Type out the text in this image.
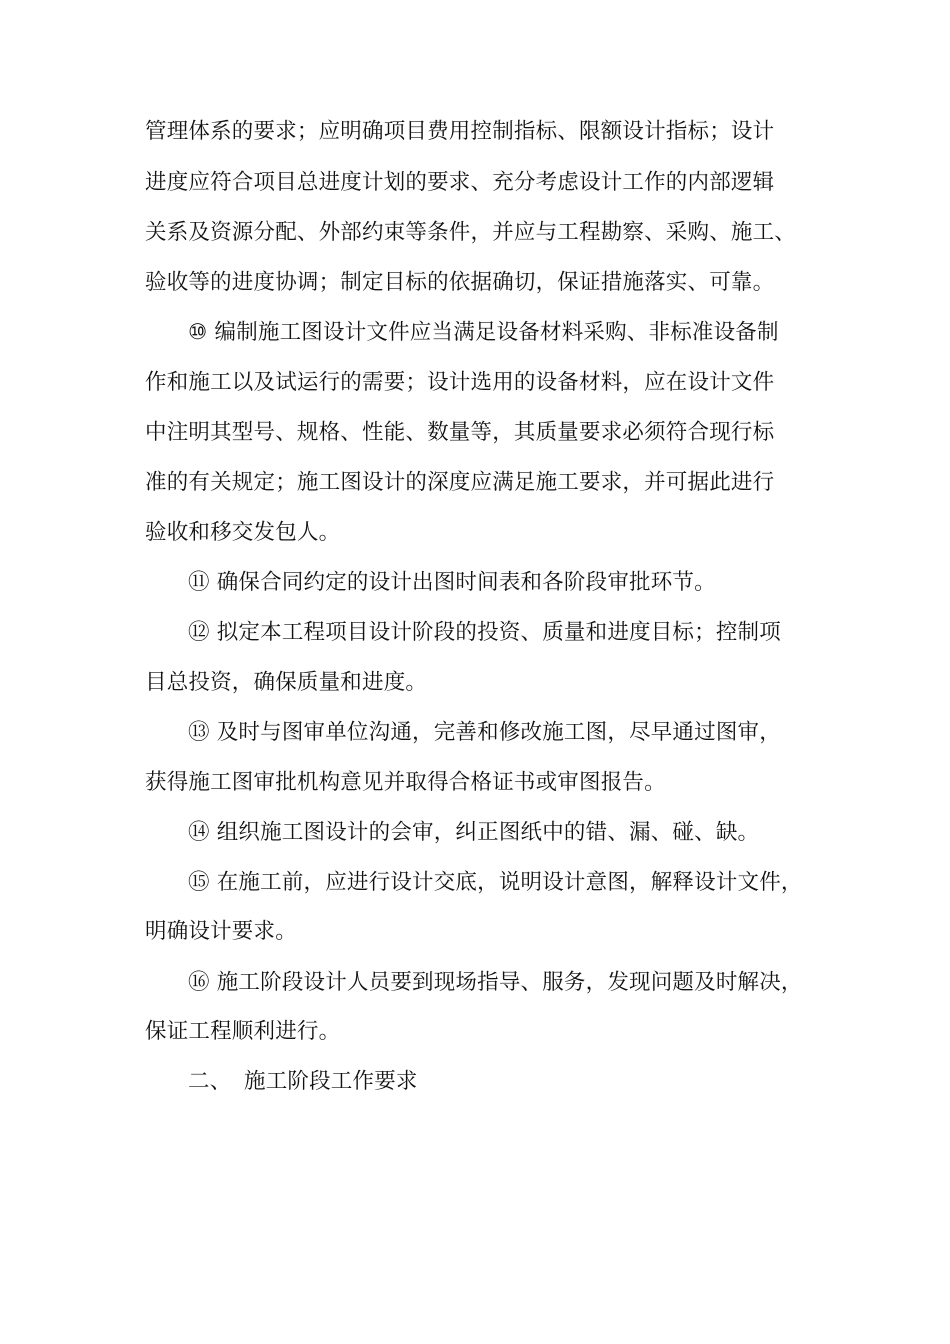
管理体系的要求；应明确项目费用控制指标、限额设计指标；设计
进度应符合项目总进度计划的要求、充分考虑设计工作的内部逻辑
关系及资源分配、外部约束等条件，并应与工程勘察、采购、施工、
验收等的进度协调；制定目标的依据确切，保证措施落实、可靠。
⑩ 编制施工图设计文件应当满足设备材料采购、非标准设备制
作和施工以及试运行的需要；设计选用的设备材料，应在设计文件
中注明其型号、规格、性能、数量等，其质量要求必须符合现行标
准的有关规定；施工图设计的深度应满足施工要求，并可据此进行
验收和移交发包人。
⑪ 确保合同约定的设计出图时间表和各阶段审批环节。
⑫ 拟定本工程项目设计阶段的投资、质量和进度目标；控制项
目总投资，确保质量和进度。
⑬ 及时与图审单位沟通，完善和修改施工图，尽早通过图审，
获得施工图审批机构意见并取得合格证书或审图报告。
⑭ 组织施工图设计的会审，纠正图纸中的错、漏、碰、缺。
⑮ 在施工前，应进行设计交底，说明设计意图，解释设计文件，
明确设计要求。
⑯ 施工阶段设计人员要到现场指导、服务，发现问题及时解决，
保证工程顺利进行。
二、 施工阶段工作要求
